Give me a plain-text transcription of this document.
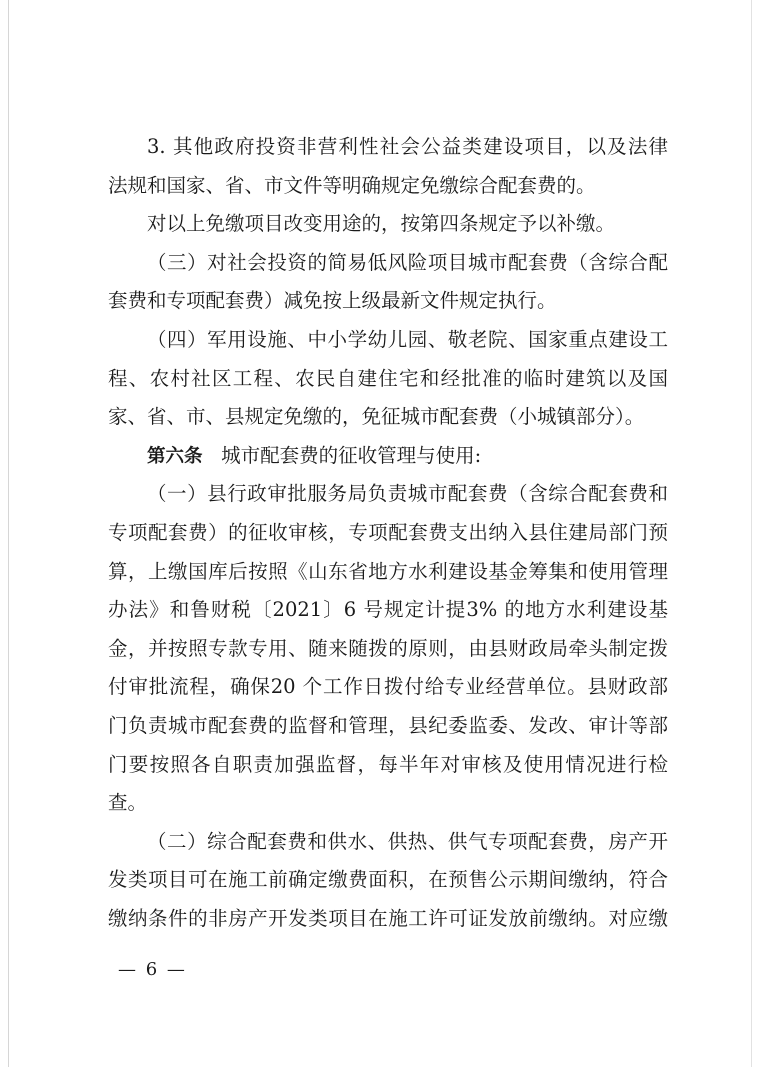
3. 其他政府投资非营利性社会公益类建设项目，以及法律
法规和国家、省、市文件等明确规定免缴综合配套费的。
对以上免缴项目改变用途的，按第四条规定予以补缴。
（三）对社会投资的简易低风险项目城市配套费（含综合配
套费和专项配套费）减免按上级最新文件规定执行。
（四）军用设施、中小学幼儿园、敬老院、国家重点建设工
程、农村社区工程、农民自建住宅和经批准的临时建筑以及国
家、省、市、县规定免缴的，免征城市配套费（小城镇部分）。
第六条 城市配套费的征收管理与使用:
（一）县行政审批服务局负责城市配套费（含综合配套费和
专项配套费）的征收审核，专项配套费支出纳入县住建局部门预
算，上缴国库后按照《山东省地方水利建设基金筹集和使用管理
办法》和鲁财税〔2021〕6 号规定计提3% 的地方水利建设基
金，并按照专款专用、随来随拨的原则，由县财政局牵头制定拨
付审批流程，确保20 个工作日拨付给专业经营单位。县财政部
门负责城市配套费的监督和管理，县纪委监委、发改、审计等部
门要按照各自职责加强监督，每半年对审核及使用情况进行检
查。
（二）综合配套费和供水、供热、供气专项配套费，房产开
发类项目可在施工前确定缴费面积，在预售公示期间缴纳，符合
缴纳条件的非房产开发类项目在施工许可证发放前缴纳。对应缴
— 6 —
